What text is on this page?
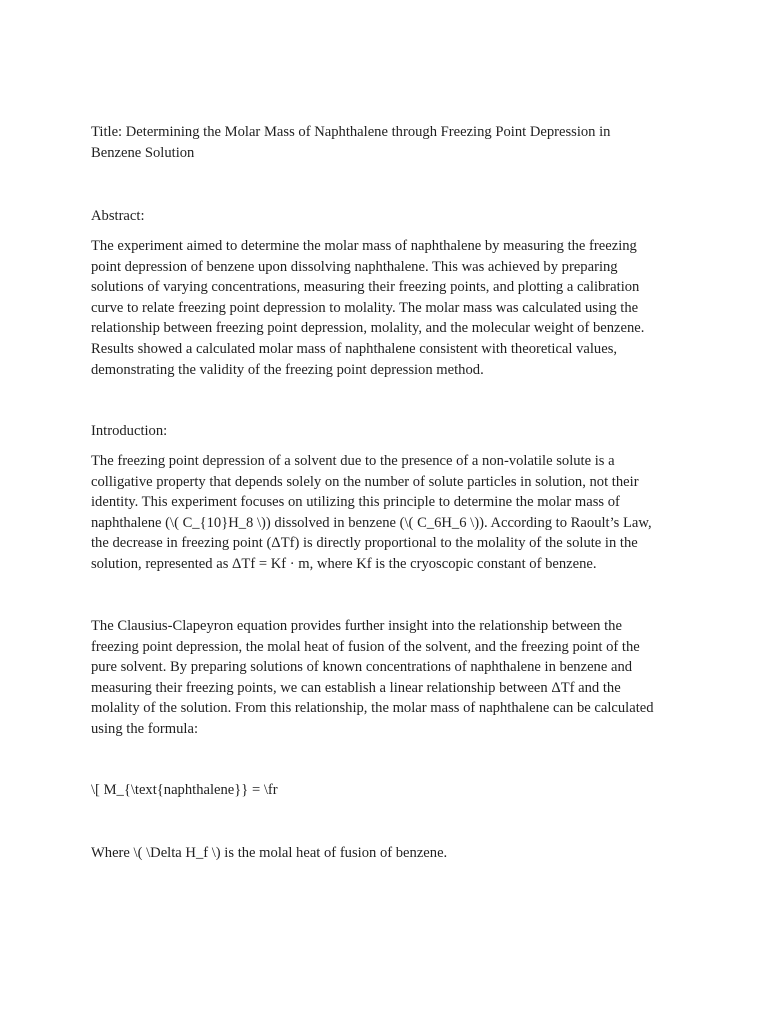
Title: Determining the Molar Mass of Naphthalene through Freezing Point Depression in
Benzene Solution
Abstract:
The experiment aimed to determine the molar mass of naphthalene by measuring the freezing
point depression of benzene upon dissolving naphthalene. This was achieved by preparing
solutions of varying concentrations, measuring their freezing points, and plotting a calibration
curve to relate freezing point depression to molality. The molar mass was calculated using the
relationship between freezing point depression, molality, and the molecular weight of benzene.
Results showed a calculated molar mass of naphthalene consistent with theoretical values,
demonstrating the validity of the freezing point depression method.
Introduction:
The freezing point depression of a solvent due to the presence of a non-volatile solute is a
colligative property that depends solely on the number of solute particles in solution, not their
identity. This experiment focuses on utilizing this principle to determine the molar mass of
naphthalene (\( C_{10}H_8 \)) dissolved in benzene (\( C_6H_6 \)). According to Raoult’s Law,
the decrease in freezing point (ΔTf) is directly proportional to the molality of the solute in the
solution, represented as ΔTf = Kf · m, where Kf is the cryoscopic constant of benzene.
The Clausius-Clapeyron equation provides further insight into the relationship between the
freezing point depression, the molal heat of fusion of the solvent, and the freezing point of the
pure solvent. By preparing solutions of known concentrations of naphthalene in benzene and
measuring their freezing points, we can establish a linear relationship between ΔTf and the
molality of the solution. From this relationship, the molar mass of naphthalene can be calculated
using the formula:
\[ M_{\text{naphthalene}} = \fr
Where \( \Delta H_f \) is the molal heat of fusion of benzene.
